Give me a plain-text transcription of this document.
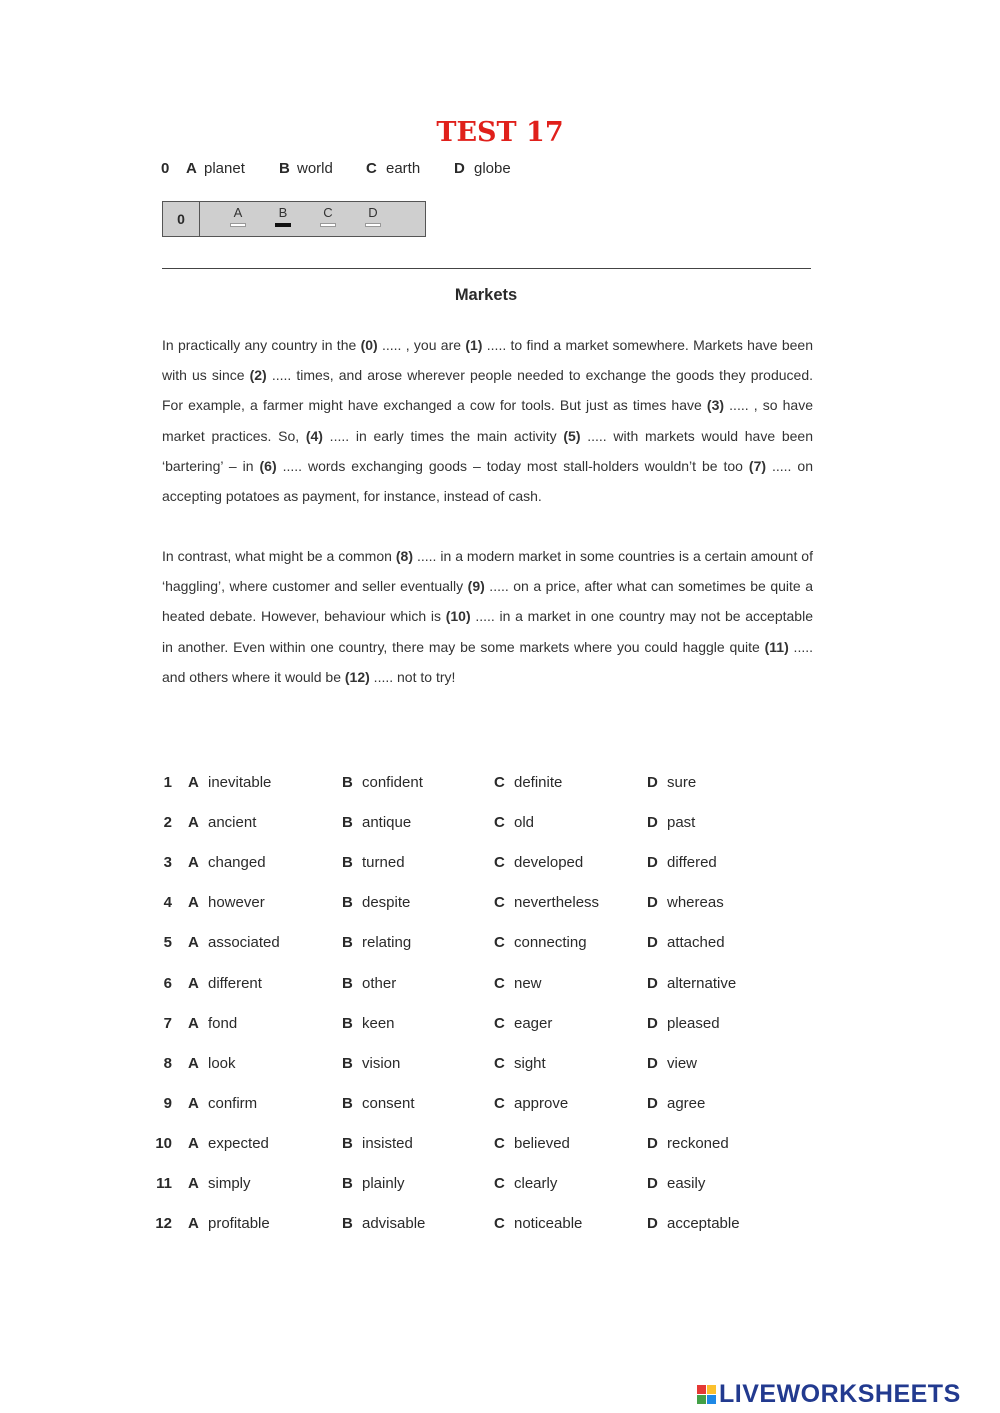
TEST 17
0 A planet B world C earth D globe
0	A	B	C	D
Markets
In practically any country in the (0) ..... , you are (1) ..... to find a market somewhere. Markets have been with us since (2) ..... times, and arose wherever people needed to exchange the goods they produced. For example, a farmer might have exchanged a cow for tools. But just as times have (3) ..... , so have market practices. So, (4) ..... in early times the main activity (5) ..... with markets would have been ‘bartering’ – in (6) ..... words exchanging goods – today most stall-holders wouldn’t be too (7) ..... on accepting potatoes as payment, for instance, instead of cash.
In contrast, what might be a common (8) ..... in a modern market in some countries is a certain amount of ‘haggling’, where customer and seller eventually (9) ..... on a price, after what can sometimes be quite a heated debate. However, behaviour which is (10) ..... in a market in one country may not be acceptable in another. Even within one country, there may be some markets where you could haggle quite (11) ..... and others where it would be (12) ..... not to try!
1 A inevitable	B confident	C definite	D sure
2 A ancient	B antique	C old	D past
3 A changed	B turned	C developed	D differed
4 A however	B despite	C nevertheless	D whereas
5 A associated	B relating	C connecting	D attached
6 A different	B other	C new	D alternative
7 A fond	B keen	C eager	D pleased
8 A look	B vision	C sight	D view
9 A confirm	B consent	C approve	D agree
10 A expected	B insisted	C believed	D reckoned
11 A simply	B plainly	C clearly	D easily
12 A profitable	B advisable	C noticeable	D acceptable
LIVEWORKSHEETS
